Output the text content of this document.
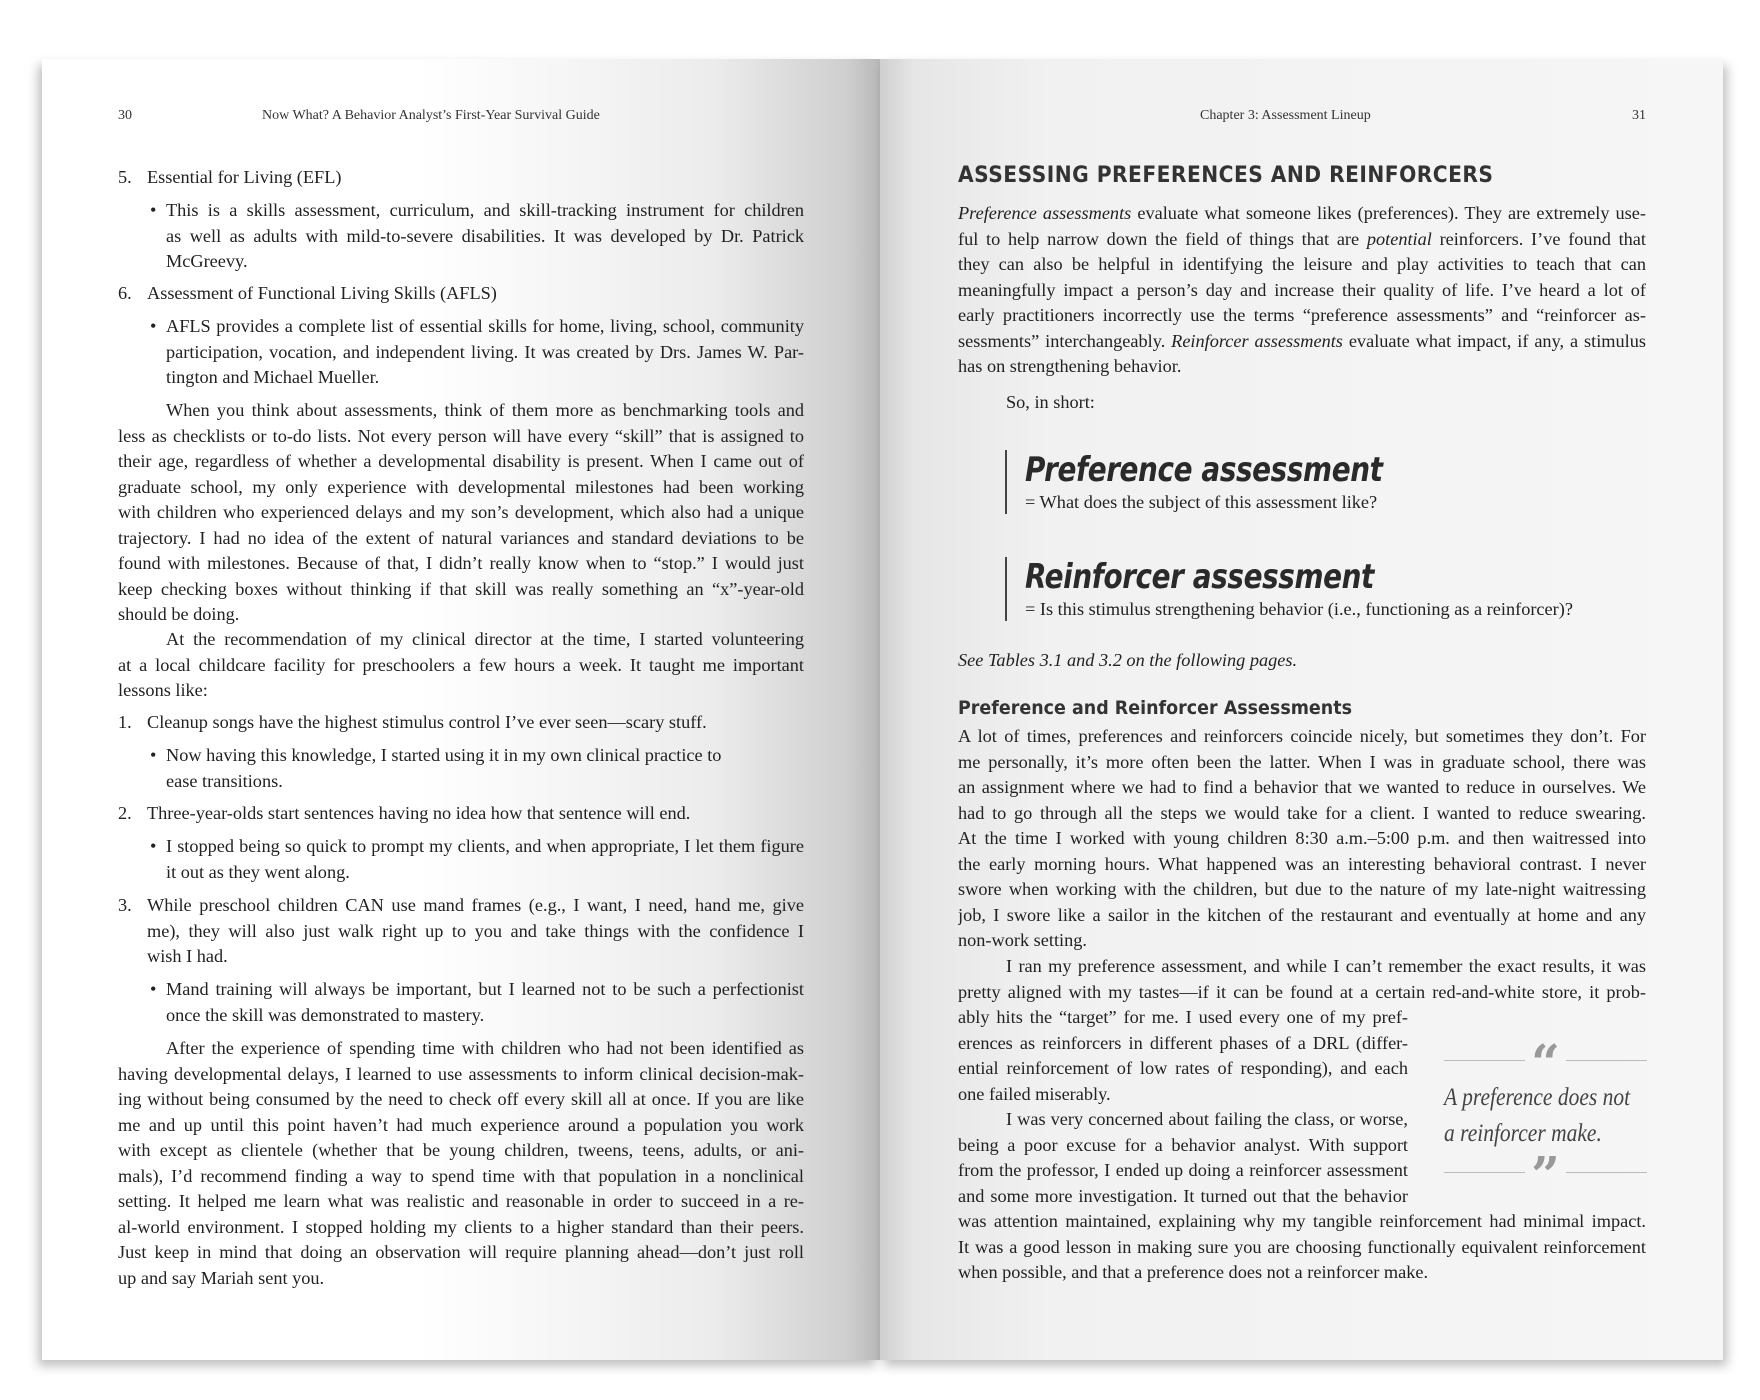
30	Now What? A Behavior Analyst’s First-Year Survival Guide
5. Essential for Living (EFL)
• This is a skills assessment, curriculum, and skill-tracking instrument for children
as well as adults with mild-to-severe disabilities. It was developed by Dr. Patrick
McGreevy.
6. Assessment of Functional Living Skills (AFLS)
• AFLS provides a complete list of essential skills for home, living, school, community
participation, vocation, and independent living. It was created by Drs. James W. Par-
tington and Michael Mueller.
When you think about assessments, think of them more as benchmarking tools and
less as checklists or to-do lists. Not every person will have every “skill” that is assigned to
their age, regardless of whether a developmental disability is present. When I came out of
graduate school, my only experience with developmental milestones had been working
with children who experienced delays and my son’s development, which also had a unique
trajectory. I had no idea of the extent of natural variances and standard deviations to be
found with milestones. Because of that, I didn’t really know when to “stop.” I would just
keep checking boxes without thinking if that skill was really something an “x”-year-old
should be doing.
At the recommendation of my clinical director at the time, I started volunteering
at a local childcare facility for preschoolers a few hours a week. It taught me important
lessons like:
1. Cleanup songs have the highest stimulus control I’ve ever seen—scary stuff.
• Now having this knowledge, I started using it in my own clinical practice to
ease transitions.
2. Three-year-olds start sentences having no idea how that sentence will end.
• I stopped being so quick to prompt my clients, and when appropriate, I let them figure
it out as they went along.
3. While preschool children CAN use mand frames (e.g., I want, I need, hand me, give
me), they will also just walk right up to you and take things with the confidence I
wish I had.
• Mand training will always be important, but I learned not to be such a perfectionist
once the skill was demonstrated to mastery.
After the experience of spending time with children who had not been identified as
having developmental delays, I learned to use assessments to inform clinical decision-mak-
ing without being consumed by the need to check off every skill all at once. If you are like
me and up until this point haven’t had much experience around a population you work
with except as clientele (whether that be young children, tweens, teens, adults, or ani-
mals), I’d recommend finding a way to spend time with that population in a nonclinical
setting. It helped me learn what was realistic and reasonable in order to succeed in a re-
al-world environment. I stopped holding my clients to a higher standard than their peers.
Just keep in mind that doing an observation will require planning ahead—don’t just roll
up and say Mariah sent you.
Chapter 3: Assessment Lineup	31
ASSESSING PREFERENCES AND REINFORCERS
Preference assessments evaluate what someone likes (preferences). They are extremely use-
ful to help narrow down the field of things that are potential reinforcers. I’ve found that
they can also be helpful in identifying the leisure and play activities to teach that can
meaningfully impact a person’s day and increase their quality of life. I’ve heard a lot of
early practitioners incorrectly use the terms “preference assessments” and “reinforcer as-
sessments” interchangeably. Reinforcer assessments evaluate what impact, if any, a stimulus
has on strengthening behavior.
So, in short:
Preference assessment
= What does the subject of this assessment like?
Reinforcer assessment
= Is this stimulus strengthening behavior (i.e., functioning as a reinforcer)?
See Tables 3.1 and 3.2 on the following pages.
Preference and Reinforcer Assessments
A lot of times, preferences and reinforcers coincide nicely, but sometimes they don’t. For
me personally, it’s more often been the latter. When I was in graduate school, there was
an assignment where we had to find a behavior that we wanted to reduce in ourselves. We
had to go through all the steps we would take for a client. I wanted to reduce swearing.
At the time I worked with young children 8:30 a.m.–5:00 p.m. and then waitressed into
the early morning hours. What happened was an interesting behavioral contrast. I never
swore when working with the children, but due to the nature of my late-night waitressing
job, I swore like a sailor in the kitchen of the restaurant and eventually at home and any
non-work setting.
I ran my preference assessment, and while I can’t remember the exact results, it was
pretty aligned with my tastes—if it can be found at a certain red-and-white store, it prob-
ably hits the “target” for me. I used every one of my pref-
erences as reinforcers in different phases of a DRL (differ-
ential reinforcement of low rates of responding), and each
one failed miserably.
I was very concerned about failing the class, or worse,
being a poor excuse for a behavior analyst. With support
from the professor, I ended up doing a reinforcer assessment
and some more investigation. It turned out that the behavior
was attention maintained, explaining why my tangible reinforcement had minimal impact.
It was a good lesson in making sure you are choosing functionally equivalent reinforcement
when possible, and that a preference does not a reinforcer make.
“
A preference does not
a reinforcer make.
”
